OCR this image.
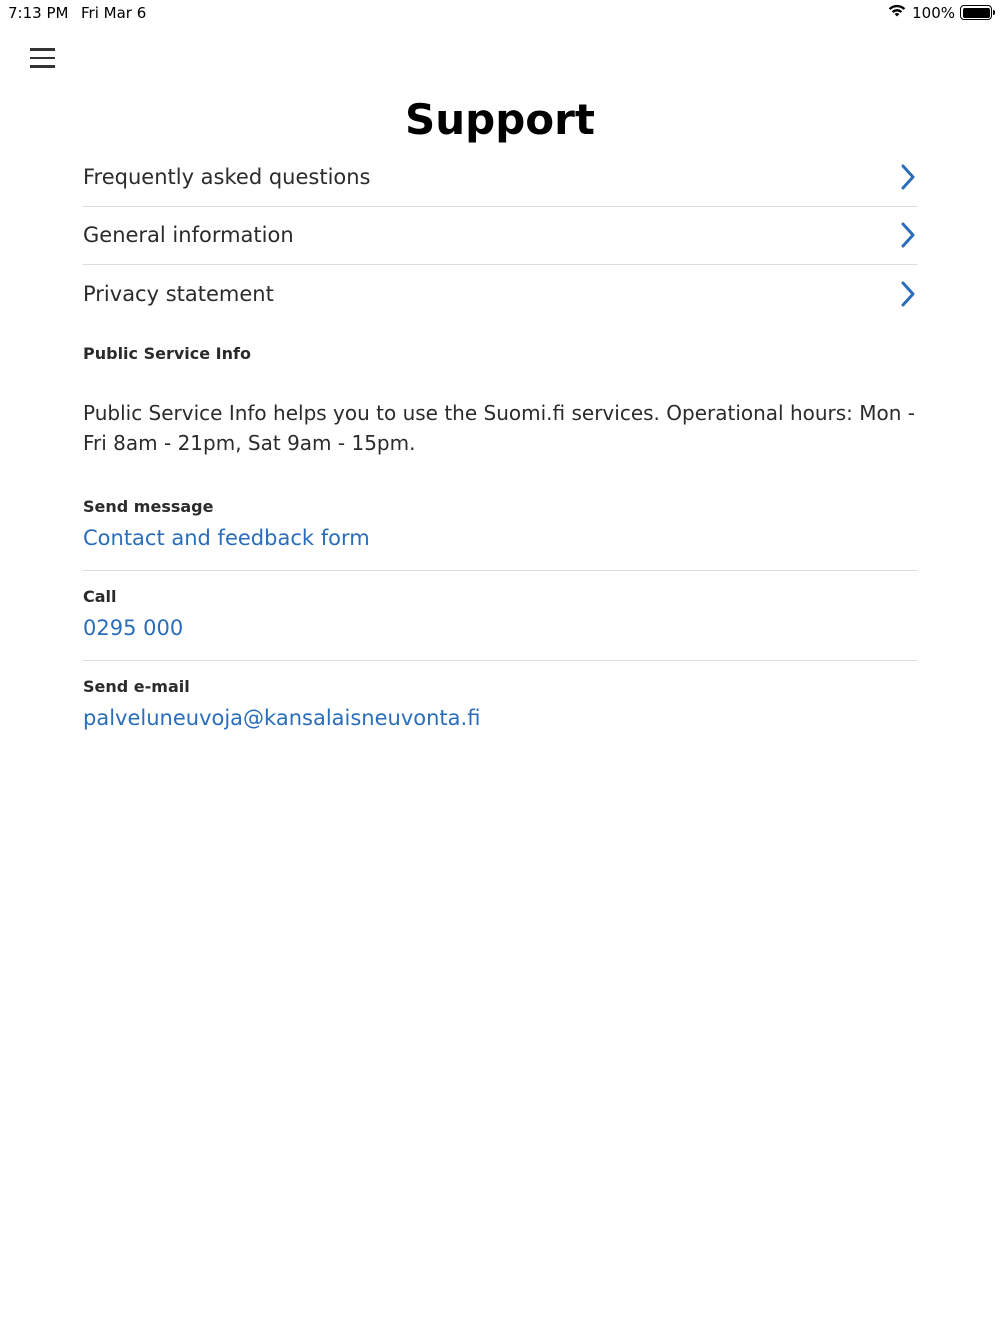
7:13 PM Fri Mar 6	100%
Support
Frequently asked questions
General information
Privacy statement
Public Service Info

Public Service Info helps you to use the Suomi.fi services. Operational hours: Mon - Fri 8am - 21pm, Sat 9am - 15pm.

Send message
Contact and feedback form
Call
0295 000
Send e-mail
palveluneuvoja@kansalaisneuvonta.fi
